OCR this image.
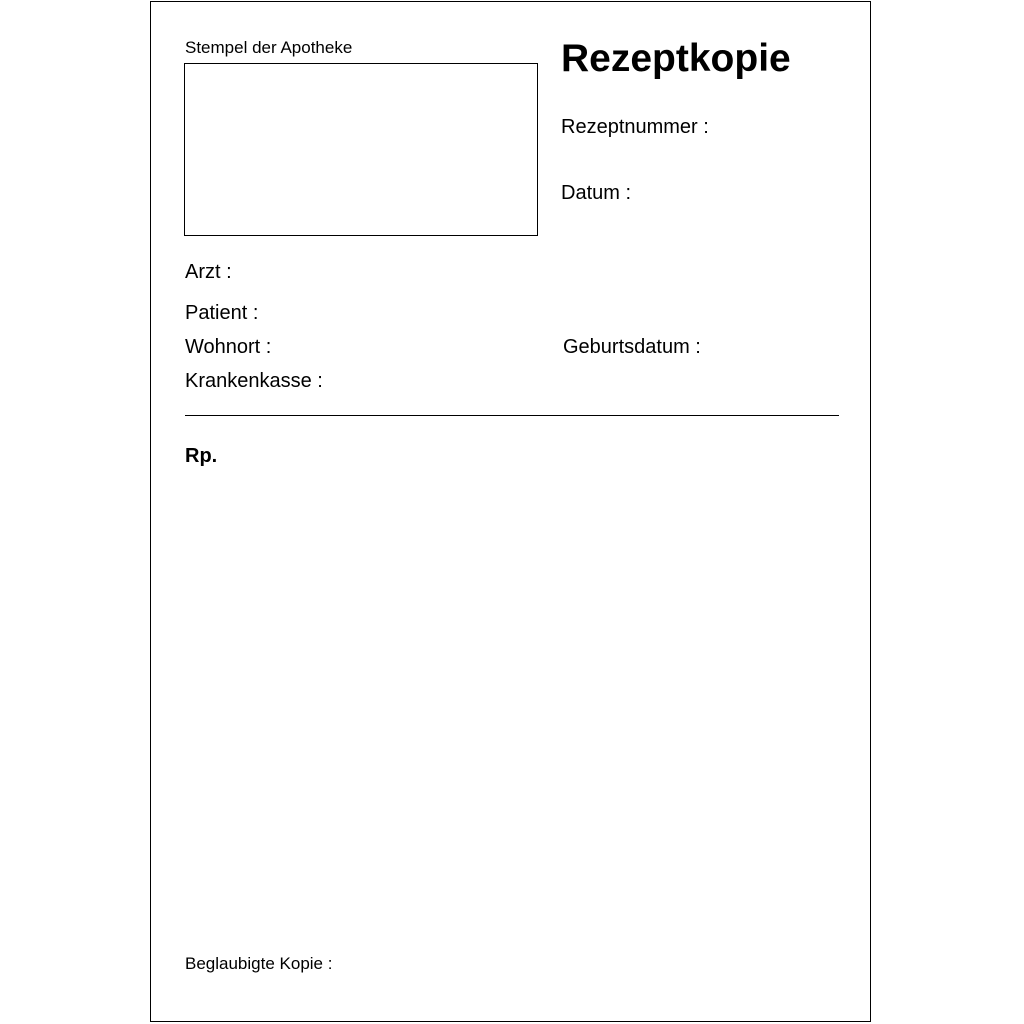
Stempel der Apotheke	Rezeptkopie
Rezeptnummer :
Datum :
Arzt :
Patient :
Wohnort :	Geburtsdatum :
Krankenkasse :
Rp.
Beglaubigte Kopie :
